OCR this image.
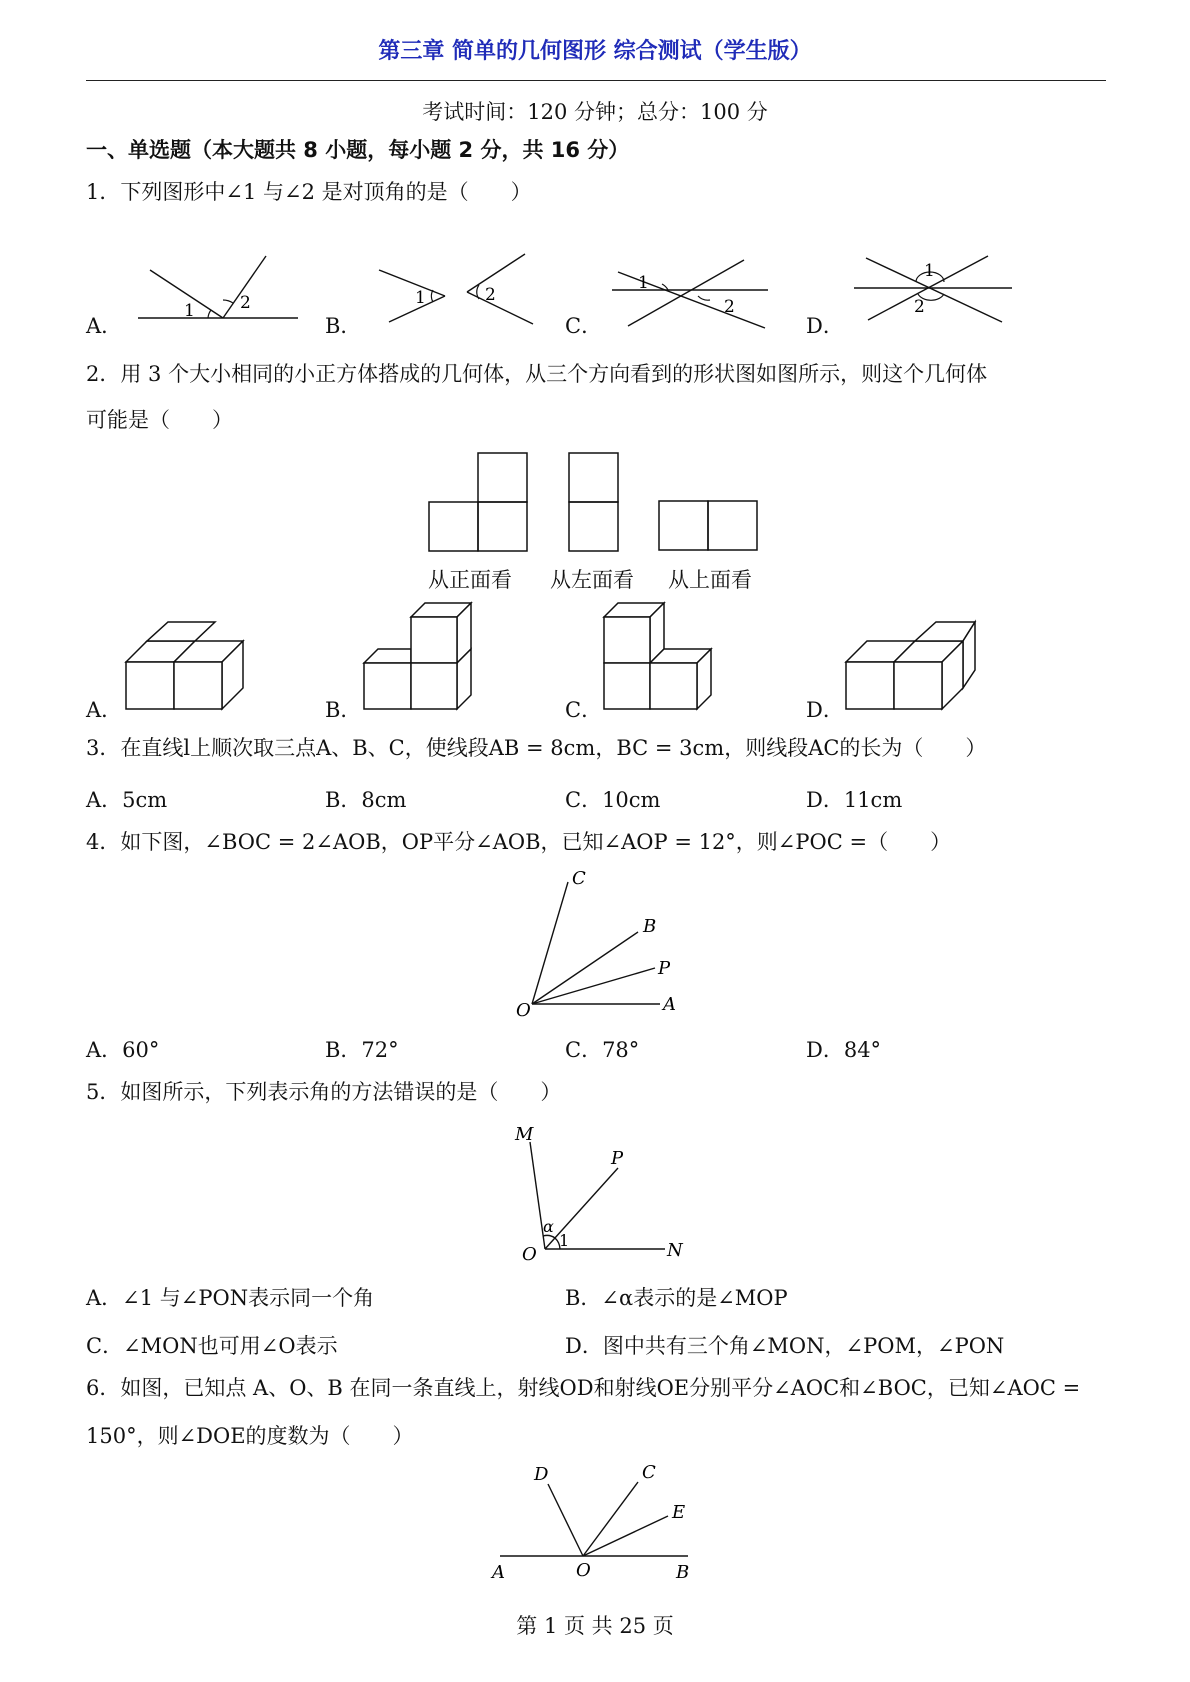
第三章 简单的几何图形 综合测试（学生版）
考试时间：120 分钟；总分：100 分
一、单选题（本大题共 8 小题，每小题 2 分，共 16 分）
1．下列图形中∠1 与∠2 是对顶角的是（　　）
A．
1	2
B．
1	2
C．
1
2
D．
1
2
2．用 3 个大小相同的小正方体搭成的几何体，从三个方向看到的形状图如图所示，则这个几何体
可能是（　　）
从正面看 从左面看 从上面看
A．	B．	C．	D．
3．在直线l上顺次取三点A、B、C，使线段AB = 8cm，BC = 3cm，则线段AC的长为（　　）
A．5cm	B．8cm	C．10cm	D．11cm
4．如下图，∠BOC = 2∠AOB，OP平分∠AOB，已知∠AOP = 12°，则∠POC =（　　）
C
B
P
O	A
A．60°	B．72°	C．78°	D．84°
5．如图所示，下列表示角的方法错误的是（　　）
M
P
α
O
1	N
A．∠1 与∠PON表示同一个角	B．∠α表示的是∠MOP
C．∠MON也可用∠O表示	D．图中共有三个角∠MON，∠POM，∠PON
6．如图，已知点 A、O、B 在同一条直线上，射线OD和射线OE分别平分∠AOC和∠BOC，已知∠AOC =
150°，则∠DOE的度数为（　　）
D	C
E
A	O	B
第 1 页 共 25 页
